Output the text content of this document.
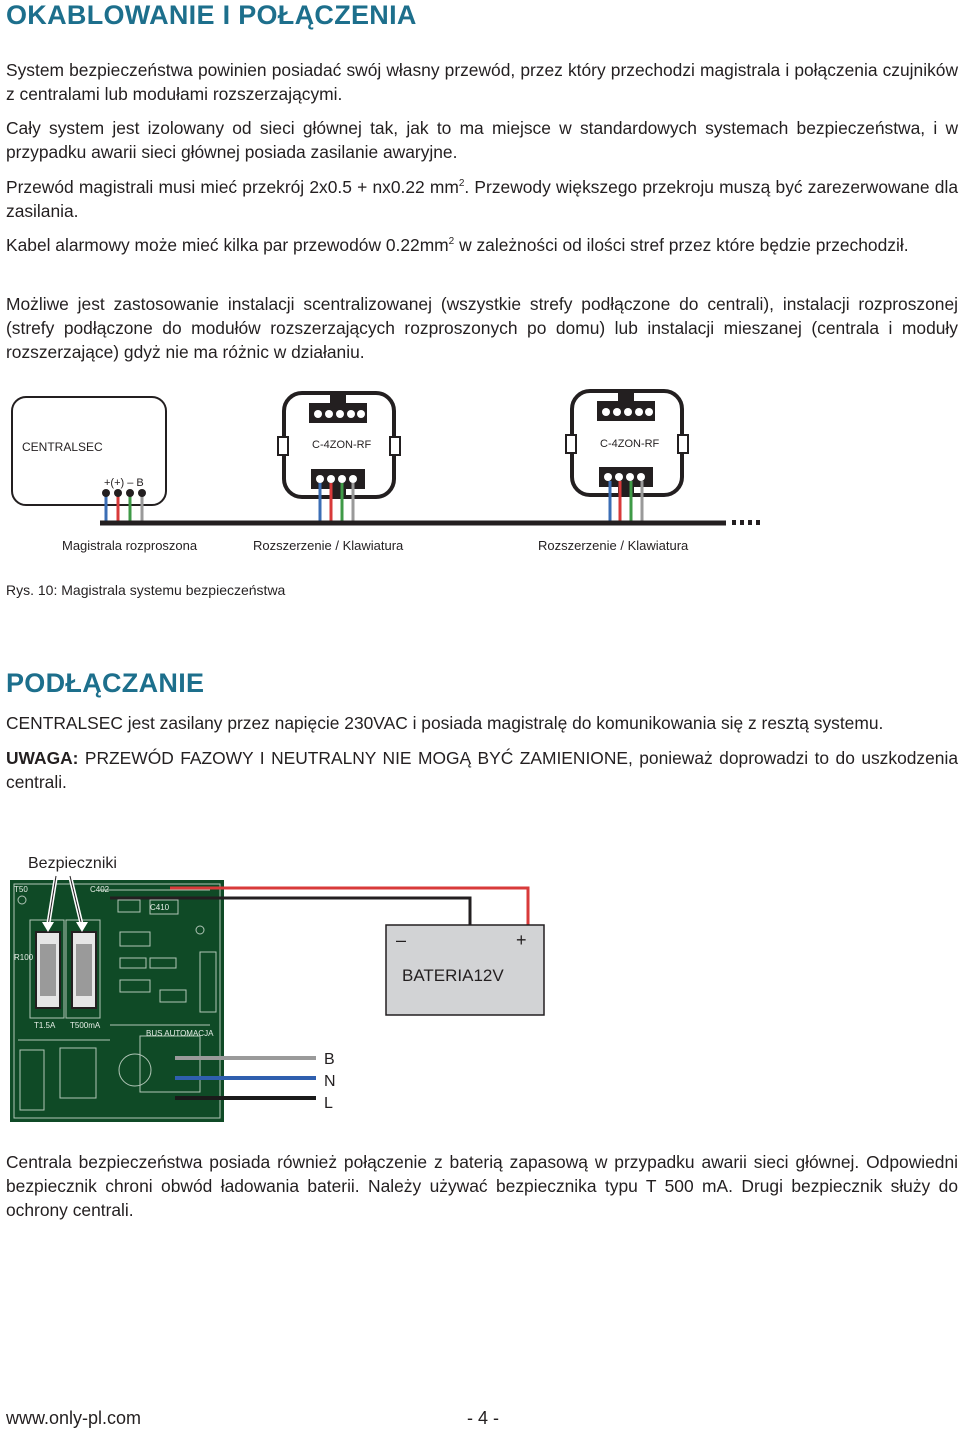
OKABLOWANIE I POŁĄCZENIA

System bezpieczeństwa powinien posiadać swój własny przewód, przez który przechodzi magistrala i połączenia czujników z centralami lub modułami rozszerzającymi.

Cały system jest izolowany od sieci głównej tak, jak to ma miejsce w standardowych systemach bezpieczeństwa, i w przypadku awarii sieci głównej posiada zasilanie awaryjne.

Przewód magistrali musi mieć przekrój 2x0.5 + nx0.22 $mm^2$. Przewody większego przekroju muszą być zarezerwowane dla zasilania.

Kabel alarmowy może mieć kilka par przewodów $0.22mm^2$ w zależności od ilości stref przez które będzie przechodził.

Możliwe jest zastosowanie instalacji scentralizowanej (wszystkie strefy podłączone do centrali), instalacji rozproszonej (strefy podłączone do modułów rozszerzających rozproszonych po domu) lub instalacji mieszanej (centrala i moduły rozszerzające) gdyż nie ma różnic w działaniu.

CENTRALSEC
+(+) – B
C-4ZON-RF	C-4ZON-RF
Magistrala rozproszona	Rozszerzenie / Klawiatura	Rozszerzenie / Klawiatura
Rys. 10: Magistrala systemu bezpieczeństwa
PODŁĄCZANIE

CENTRALSEC jest zasilany przez napięcie 230VAC i posiada magistralę do komunikowania się z resztą systemu.

UWAGA: PRZEWÓD FAZOWY I NEUTRALNY NIE MOGĄ BYĆ ZAMIENIONE, ponieważ doprowadzi to do uszkodzenia centrali.

Bezpieczniki
T50	C402
C410
R100
T1.5A T500mA
BUS AUTOMACJA
–	+
BATERIA12V
B
N
L

Centrala bezpieczeństwa posiada również połączenie z baterią zapasową w przypadku awarii sieci głównej. Odpowiedni bezpiecznik chroni obwód ładowania baterii. Należy używać bezpiecznika typu T 500 mA. Drugi bezpiecznik służy do ochrony centrali.

www.only-pl.com	- 4 -
